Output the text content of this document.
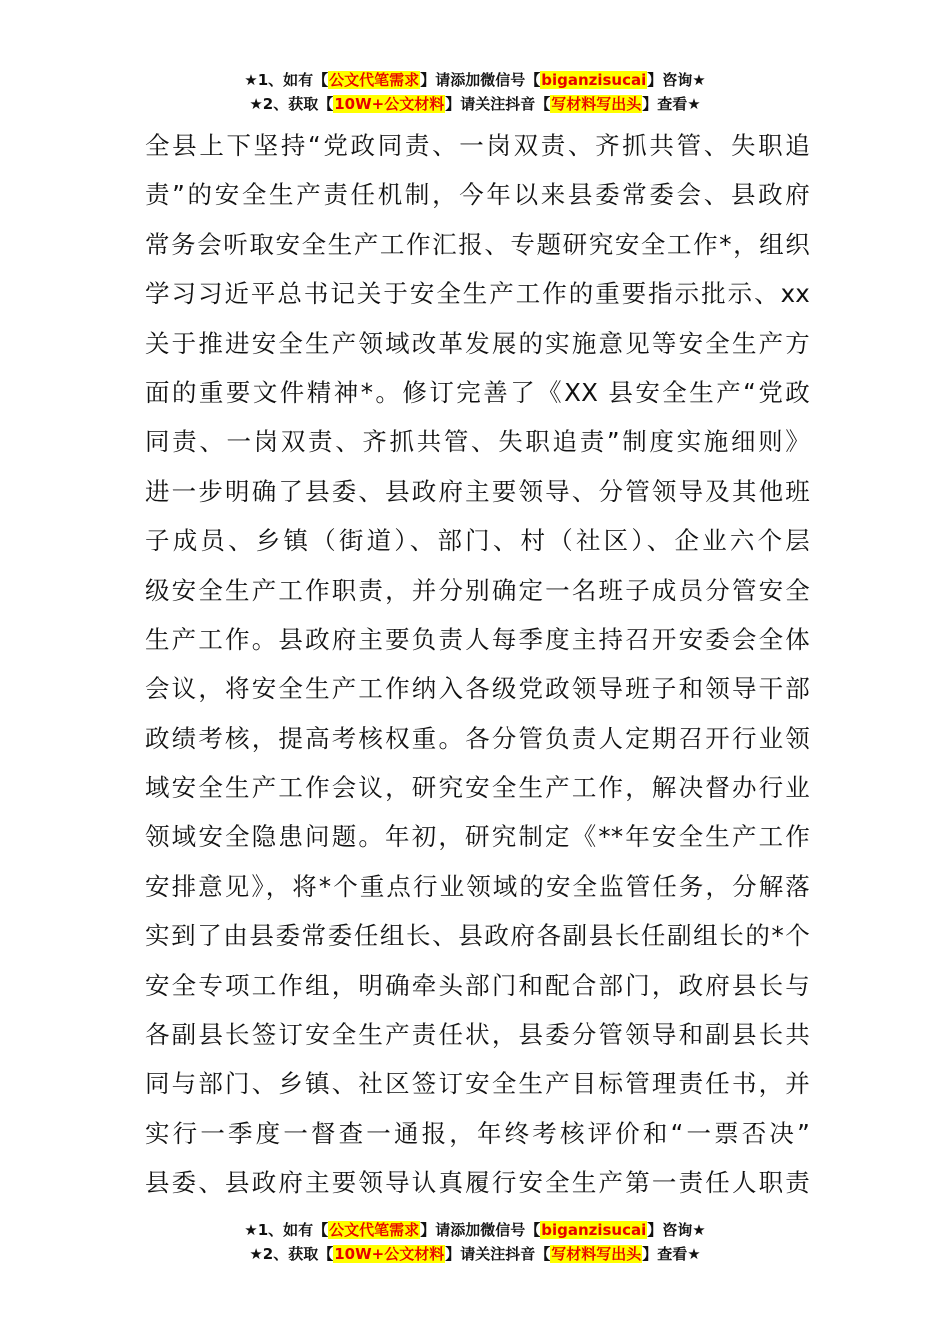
★1、如有【公文代笔需求】请添加微信号【biganzisucai】咨询★
★2、获取【10W+公文材料】请关注抖音【写材料写出头】查看★
全县上下坚持“党政同责、一岗双责、齐抓共管、失职追
责”的安全生产责任机制，今年以来县委常委会、县政府
常务会听取安全生产工作汇报、专题研究安全工作*，组织
学习习近平总书记关于安全生产工作的重要指示批示、xx
关于推进安全生产领域改革发展的实施意见等安全生产方
面的重要文件精神*。修订完善了《XX 县安全生产“党政
同责、一岗双责、齐抓共管、失职追责”制度实施细则》
进一步明确了县委、县政府主要领导、分管领导及其他班
子成员、乡镇（街道）、部门、村（社区）、企业六个层
级安全生产工作职责，并分别确定一名班子成员分管安全
生产工作。县政府主要负责人每季度主持召开安委会全体
会议，将安全生产工作纳入各级党政领导班子和领导干部
政绩考核，提高考核权重。各分管负责人定期召开行业领
域安全生产工作会议，研究安全生产工作，解决督办行业
领域安全隐患问题。年初，研究制定《**年安全生产工作
安排意见》，将*个重点行业领域的安全监管任务，分解落
实到了由县委常委任组长、县政府各副县长任副组长的*个
安全专项工作组，明确牵头部门和配合部门，政府县长与
各副县长签订安全生产责任状，县委分管领导和副县长共
同与部门、乡镇、社区签订安全生产目标管理责任书，并
实行一季度一督查一通报，年终考核评价和“一票否决”
县委、县政府主要领导认真履行安全生产第一责任人职责
★1、如有【公文代笔需求】请添加微信号【biganzisucai】咨询★
★2、获取【10W+公文材料】请关注抖音【写材料写出头】查看★
